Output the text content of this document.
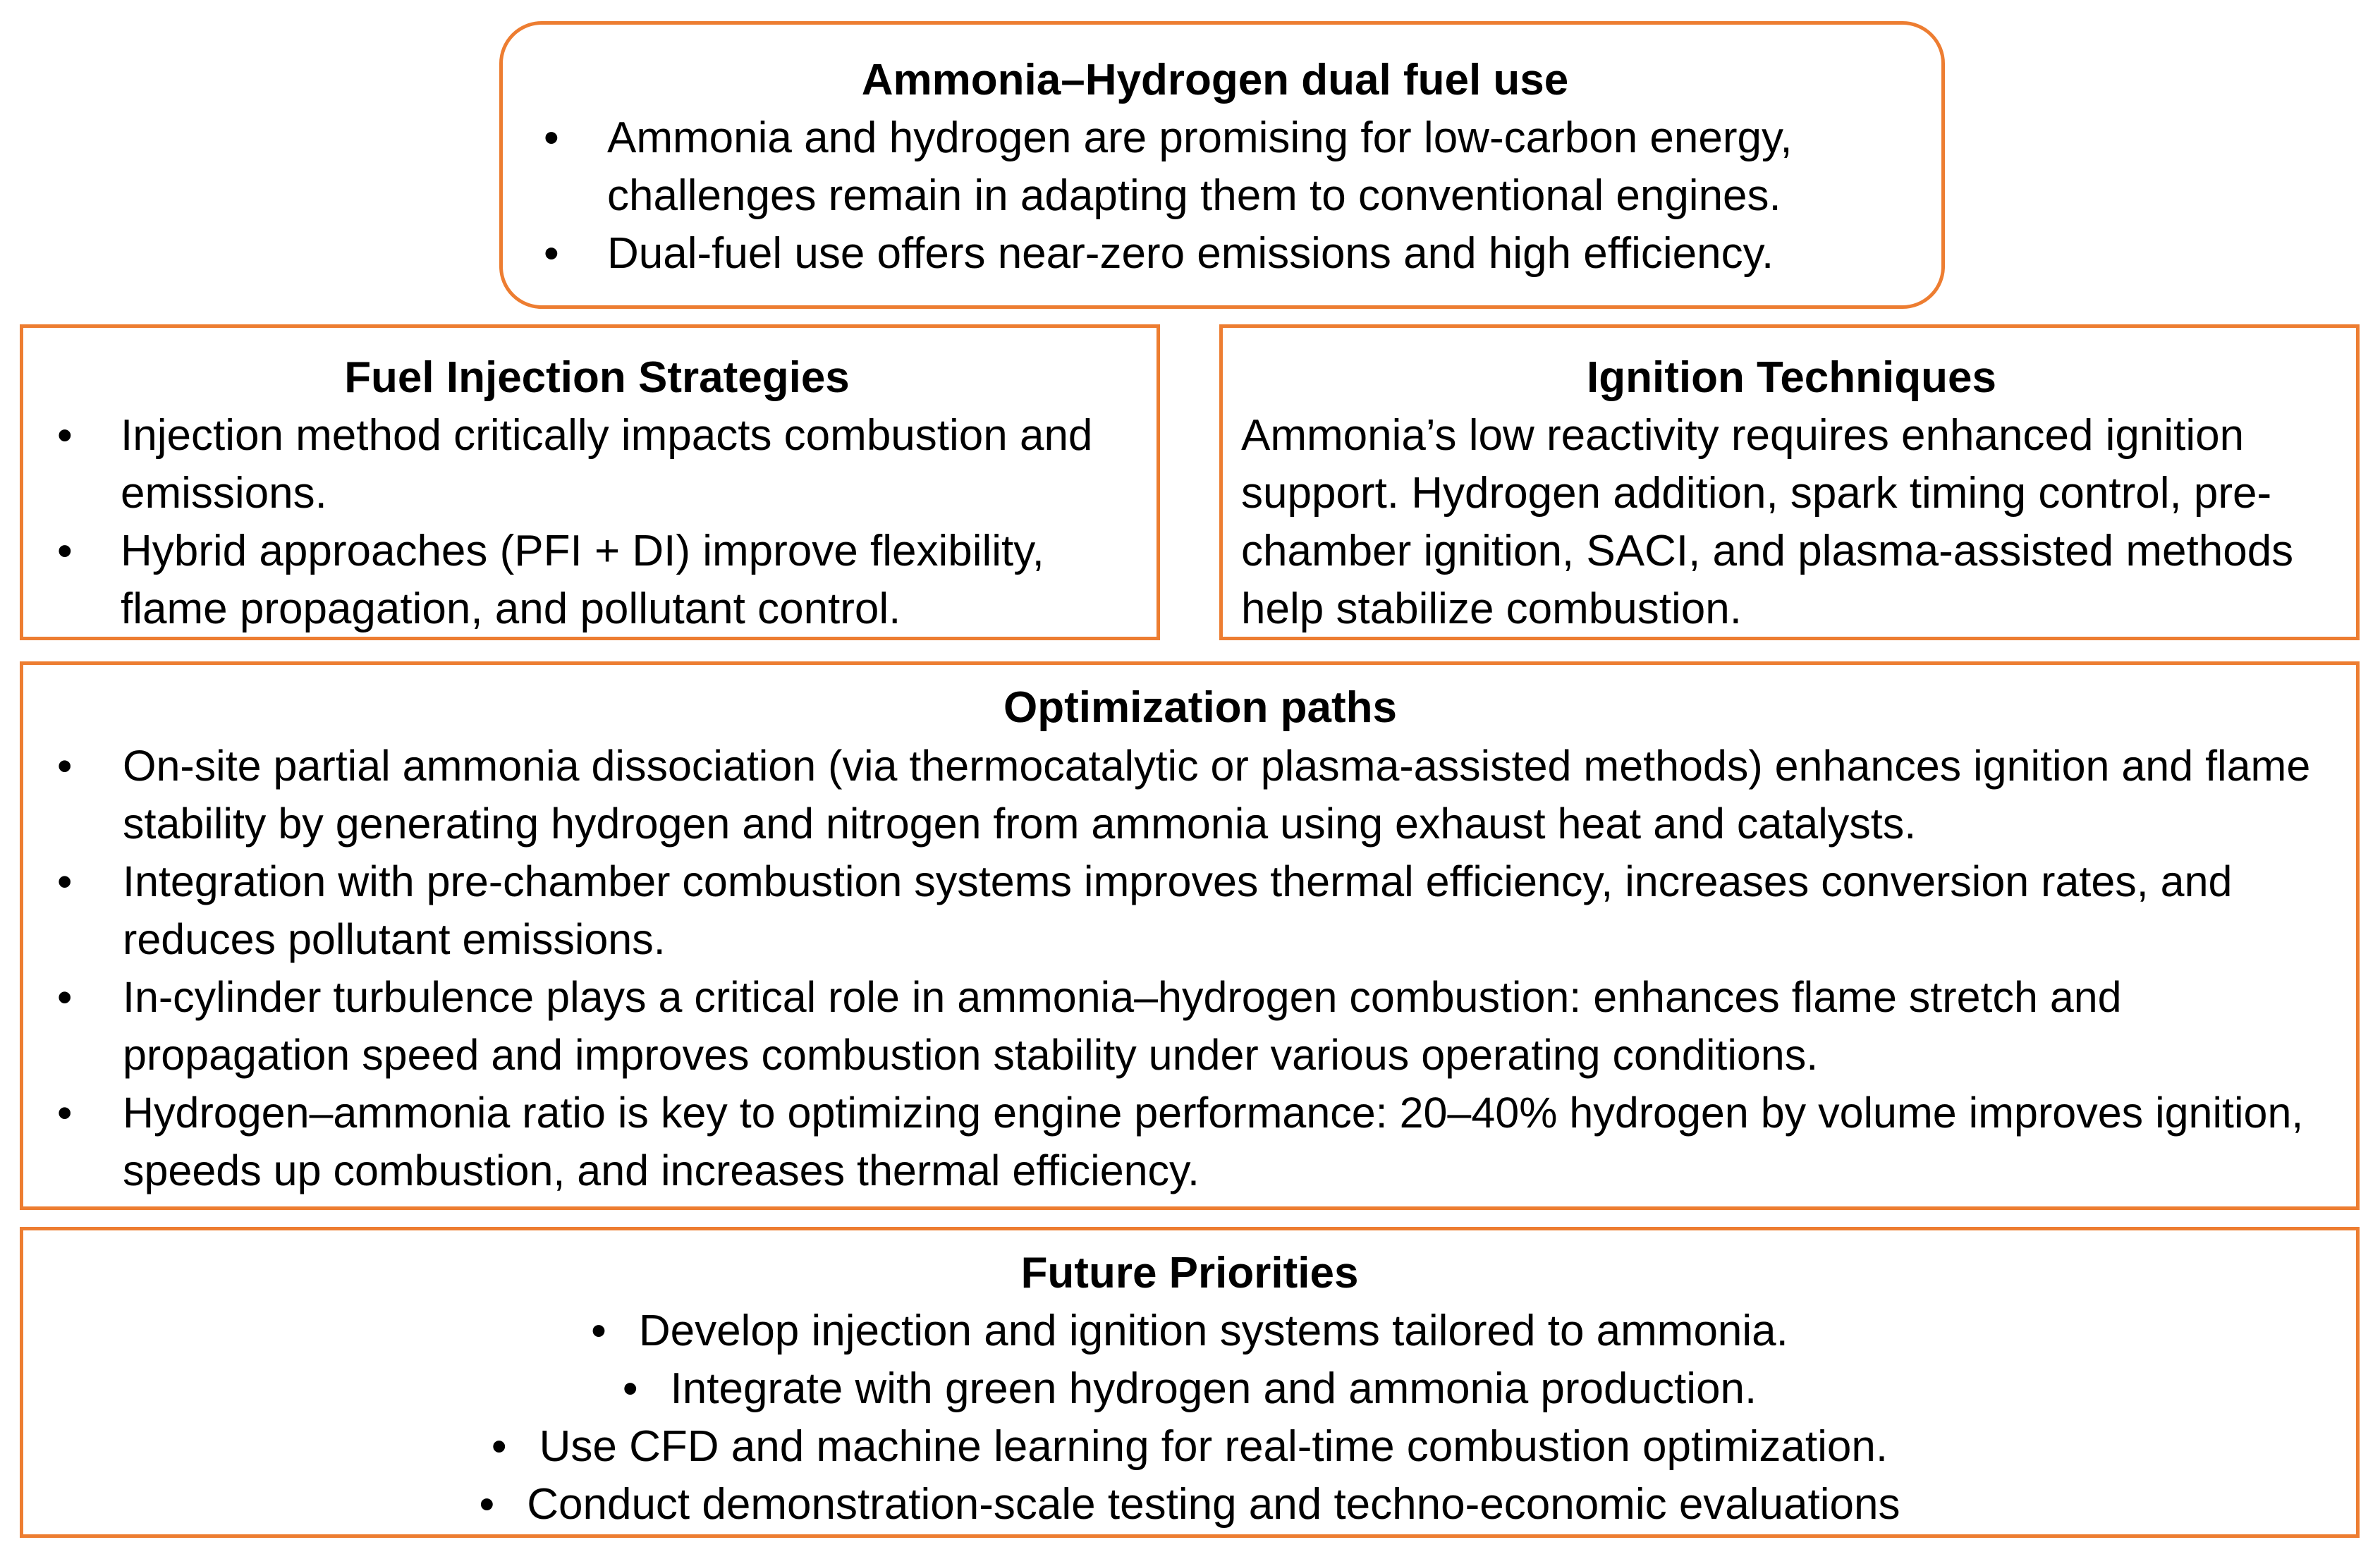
Ammonia–Hydrogen dual fuel use
• Ammonia and hydrogen are promising for low-carbon energy, challenges remain in adapting them to conventional engines.
• Dual-fuel use offers near-zero emissions and high efficiency.
Fuel Injection Strategies
• Injection method critically impacts combustion and emissions.
• Hybrid approaches (PFI + DI) improve flexibility, flame propagation, and pollutant control.
Ignition Techniques

Ammonia’s low reactivity requires enhanced ignition support. Hydrogen addition, spark timing control, pre-chamber ignition, SACI, and plasma-assisted methods help stabilize combustion.

Optimization paths
• On-site partial ammonia dissociation (via thermocatalytic or plasma-assisted methods) enhances ignition and flame stability by generating hydrogen and nitrogen from ammonia using exhaust heat and catalysts.
• Integration with pre-chamber combustion systems improves thermal efficiency, increases conversion rates, and reduces pollutant emissions.
• In-cylinder turbulence plays a critical role in ammonia–hydrogen combustion: enhances flame stretch and propagation speed and improves combustion stability under various operating conditions.
• Hydrogen–ammonia ratio is key to optimizing engine performance: 20–40% hydrogen by volume improves ignition, speeds up combustion, and increases thermal efficiency.
Future Priorities
• Develop injection and ignition systems tailored to ammonia.
• Integrate with green hydrogen and ammonia production.
• Use CFD and machine learning for real-time combustion optimization.
• Conduct demonstration-scale testing and techno-economic evaluations
